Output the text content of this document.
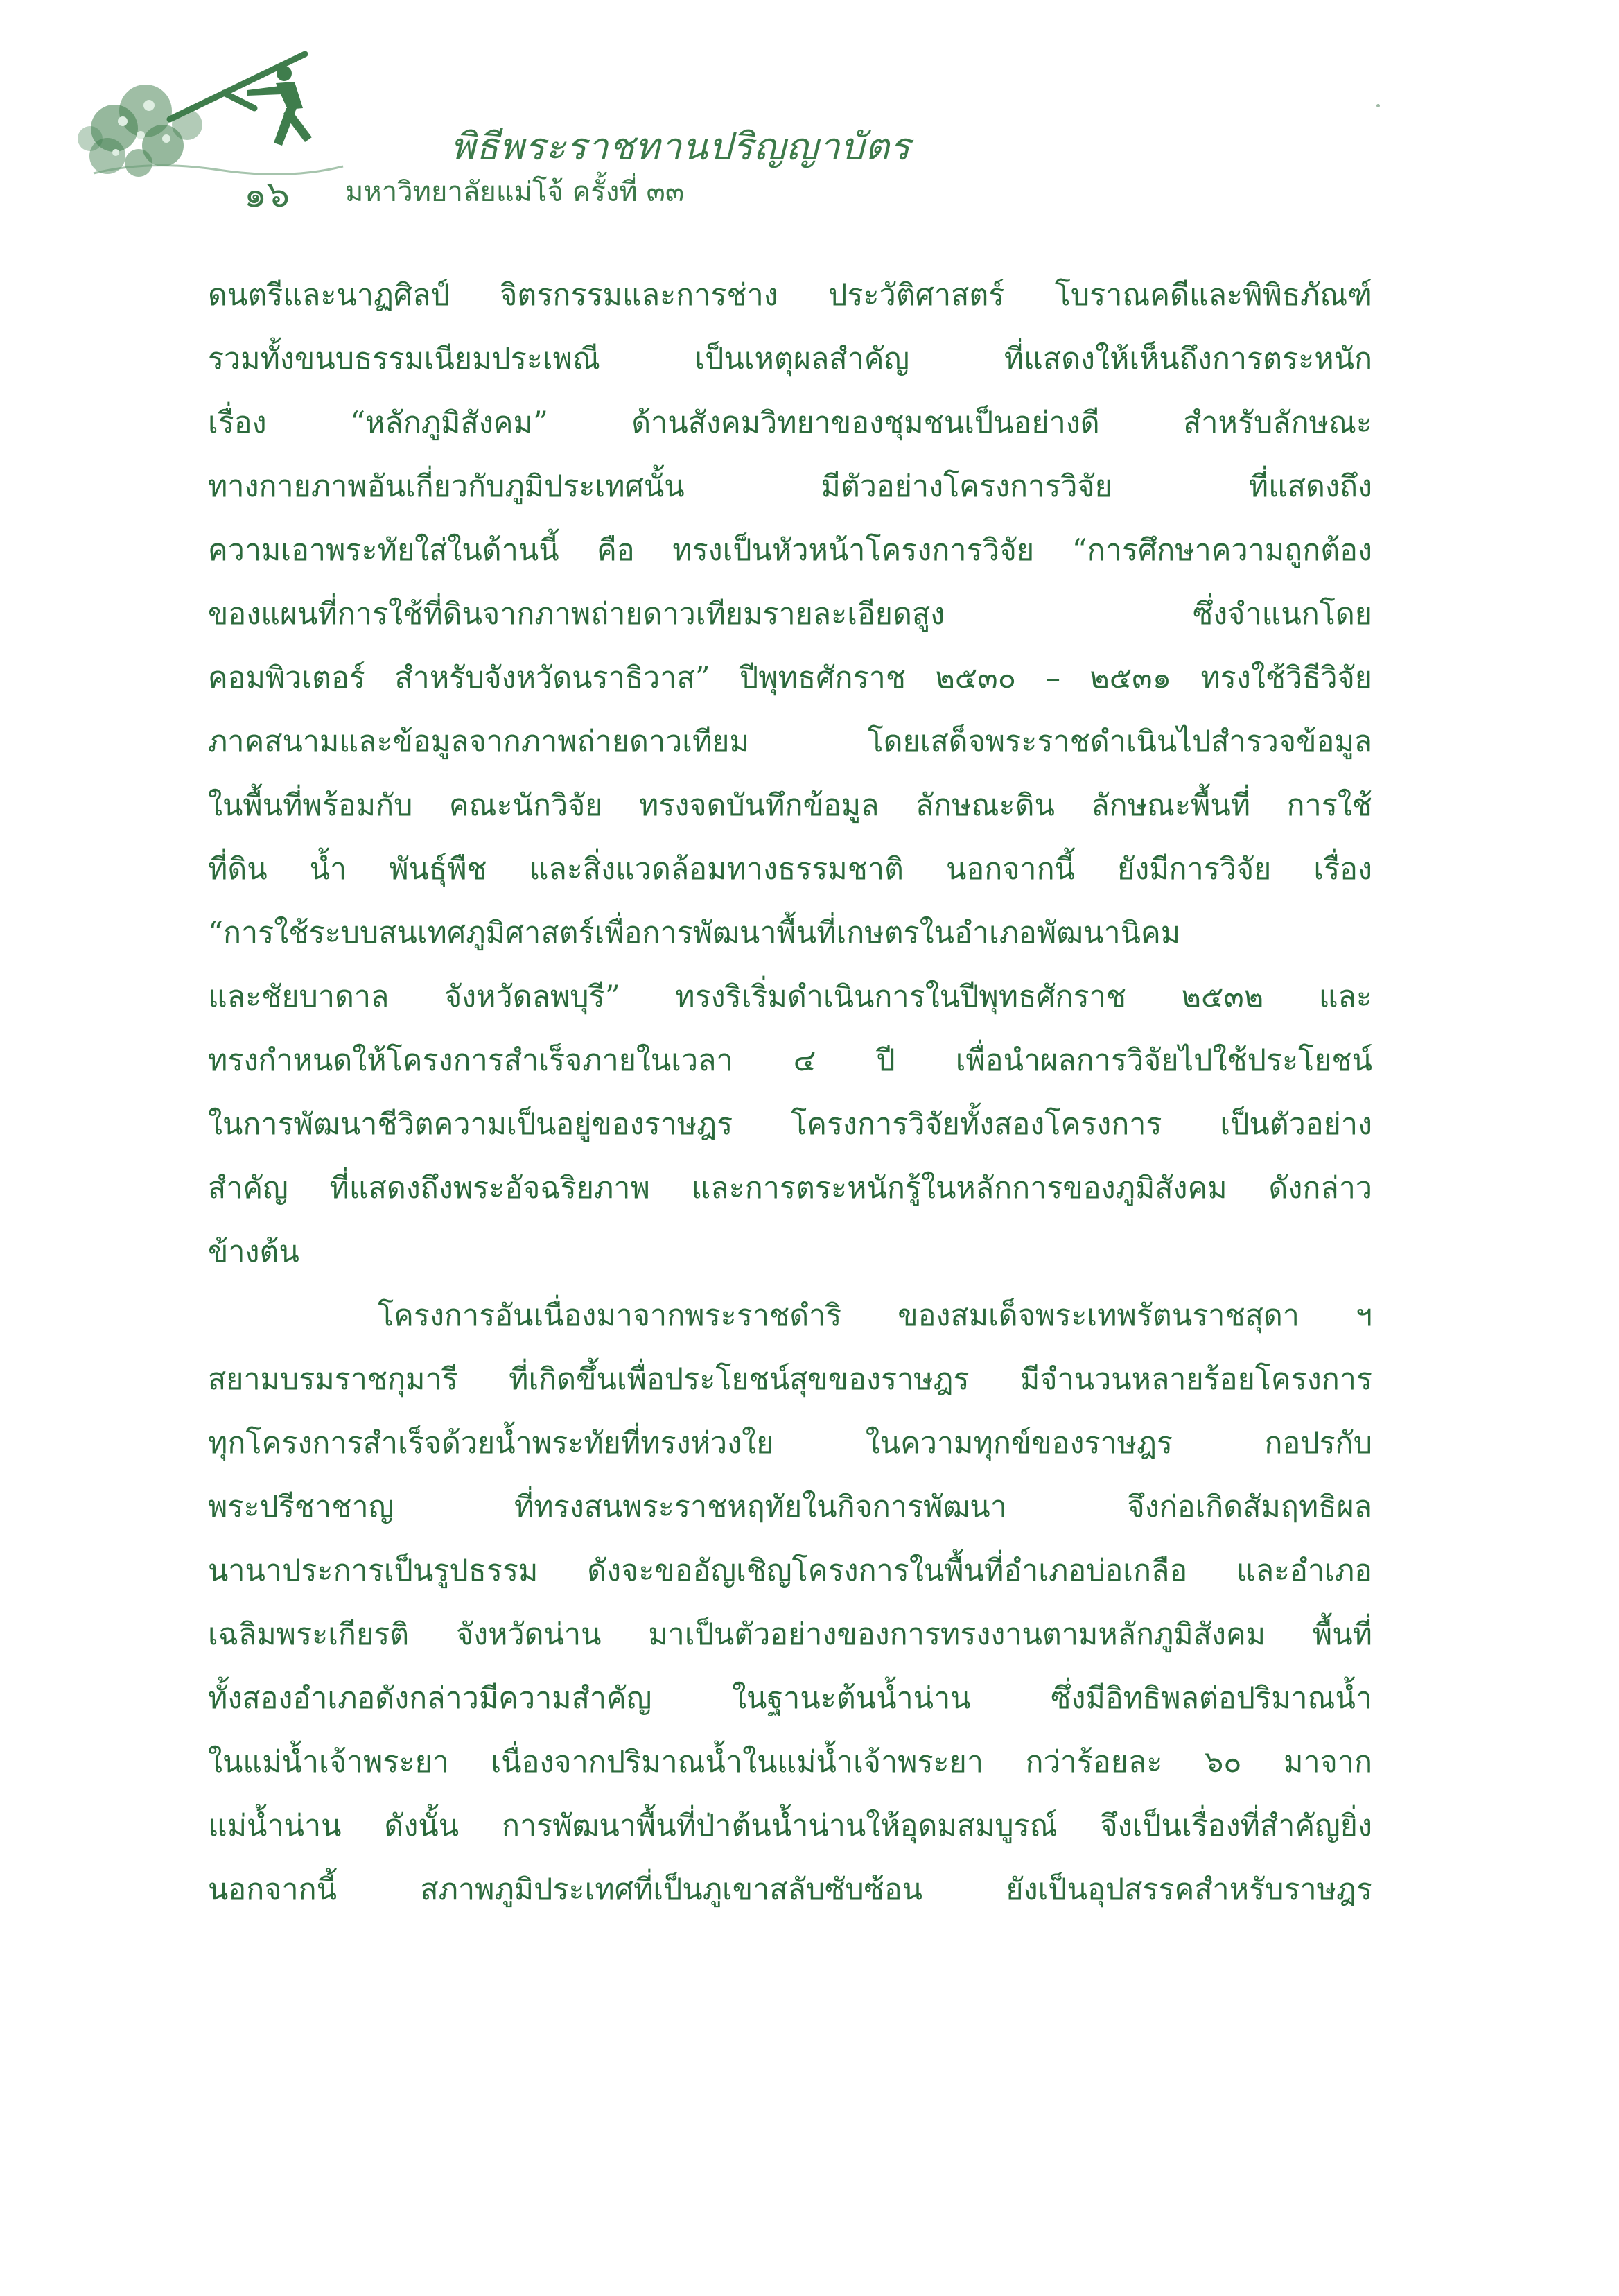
พิธีพระราชทานปริญญาบัตร
๑๖ มหาวิทยาลัยแม่โจ้ ครั้งที่ ๓๓
ดนตรีและนาฏศิลป์ จิตรกรรมและการช่าง ประวัติศาสตร์ โบราณคดีและพิพิธภัณฑ์
รวมทั้งขนบธรรมเนียมประเพณี เป็นเหตุผลสำคัญ ที่แสดงให้เห็นถึงการตระหนัก
เรื่อง “หลักภูมิสังคม” ด้านสังคมวิทยาของชุมชนเป็นอย่างดี สำหรับลักษณะ
ทางกายภาพอันเกี่ยวกับภูมิประเทศนั้น มีตัวอย่างโครงการวิจัย ที่แสดงถึง
ความเอาพระทัยใส่ในด้านนี้ คือ ทรงเป็นหัวหน้าโครงการวิจัย “การศึกษาความถูกต้อง
ของแผนที่การใช้ที่ดินจากภาพถ่ายดาวเทียมรายละเอียดสูง ซึ่งจำแนกโดย
คอมพิวเตอร์ สำหรับจังหวัดนราธิวาส” ปีพุทธศักราช ๒๕๓๐ – ๒๕๓๑ ทรงใช้วิธีวิจัย
ภาคสนามและข้อมูลจากภาพถ่ายดาวเทียม โดยเสด็จพระราชดำเนินไปสำรวจข้อมูล
ในพื้นที่พร้อมกับ คณะนักวิจัย ทรงจดบันทึกข้อมูล ลักษณะดิน ลักษณะพื้นที่ การใช้
ที่ดิน น้ำ พันธุ์พืช และสิ่งแวดล้อมทางธรรมชาติ นอกจากนี้ ยังมีการวิจัย เรื่อง
“การใช้ระบบสนเทศภูมิศาสตร์เพื่อการพัฒนาพื้นที่เกษตรในอำเภอพัฒนานิคม
และชัยบาดาล จังหวัดลพบุรี” ทรงริเริ่มดำเนินการในปีพุทธศักราช ๒๕๓๒ และ
ทรงกำหนดให้โครงการสำเร็จภายในเวลา ๔ ปี เพื่อนำผลการวิจัยไปใช้ประโยชน์
ในการพัฒนาชีวิตความเป็นอยู่ของราษฎร โครงการวิจัยทั้งสองโครงการ เป็นตัวอย่าง
สำคัญ ที่แสดงถึงพระอัจฉริยภาพ และการตระหนักรู้ในหลักการของภูมิสังคม ดังกล่าว
ข้างต้น
โครงการอันเนื่องมาจากพระราชดำริ ของสมเด็จพระเทพรัตนราชสุดา ฯ
สยามบรมราชกุมารี ที่เกิดขึ้นเพื่อประโยชน์สุขของราษฎร มีจำนวนหลายร้อยโครงการ
ทุกโครงการสำเร็จด้วยน้ำพระทัยที่ทรงห่วงใย ในความทุกข์ของราษฎร กอปรกับ
พระปรีชาชาญ ที่ทรงสนพระราชหฤทัยในกิจการพัฒนา จึงก่อเกิดสัมฤทธิผล
นานาประการเป็นรูปธรรม ดังจะขออัญเชิญโครงการในพื้นที่อำเภอบ่อเกลือ และอำเภอ
เฉลิมพระเกียรติ จังหวัดน่าน มาเป็นตัวอย่างของการทรงงานตามหลักภูมิสังคม พื้นที่
ทั้งสองอำเภอดังกล่าวมีความสำคัญ ในฐานะต้นน้ำน่าน ซึ่งมีอิทธิพลต่อปริมาณน้ำ
ในแม่น้ำเจ้าพระยา เนื่องจากปริมาณน้ำในแม่น้ำเจ้าพระยา กว่าร้อยละ ๖๐ มาจาก
แม่น้ำน่าน ดังนั้น การพัฒนาพื้นที่ป่าต้นน้ำน่านให้อุดมสมบูรณ์ จึงเป็นเรื่องที่สำคัญยิ่ง
นอกจากนี้ สภาพภูมิประเทศที่เป็นภูเขาสลับซับซ้อน ยังเป็นอุปสรรคสำหรับราษฎร
